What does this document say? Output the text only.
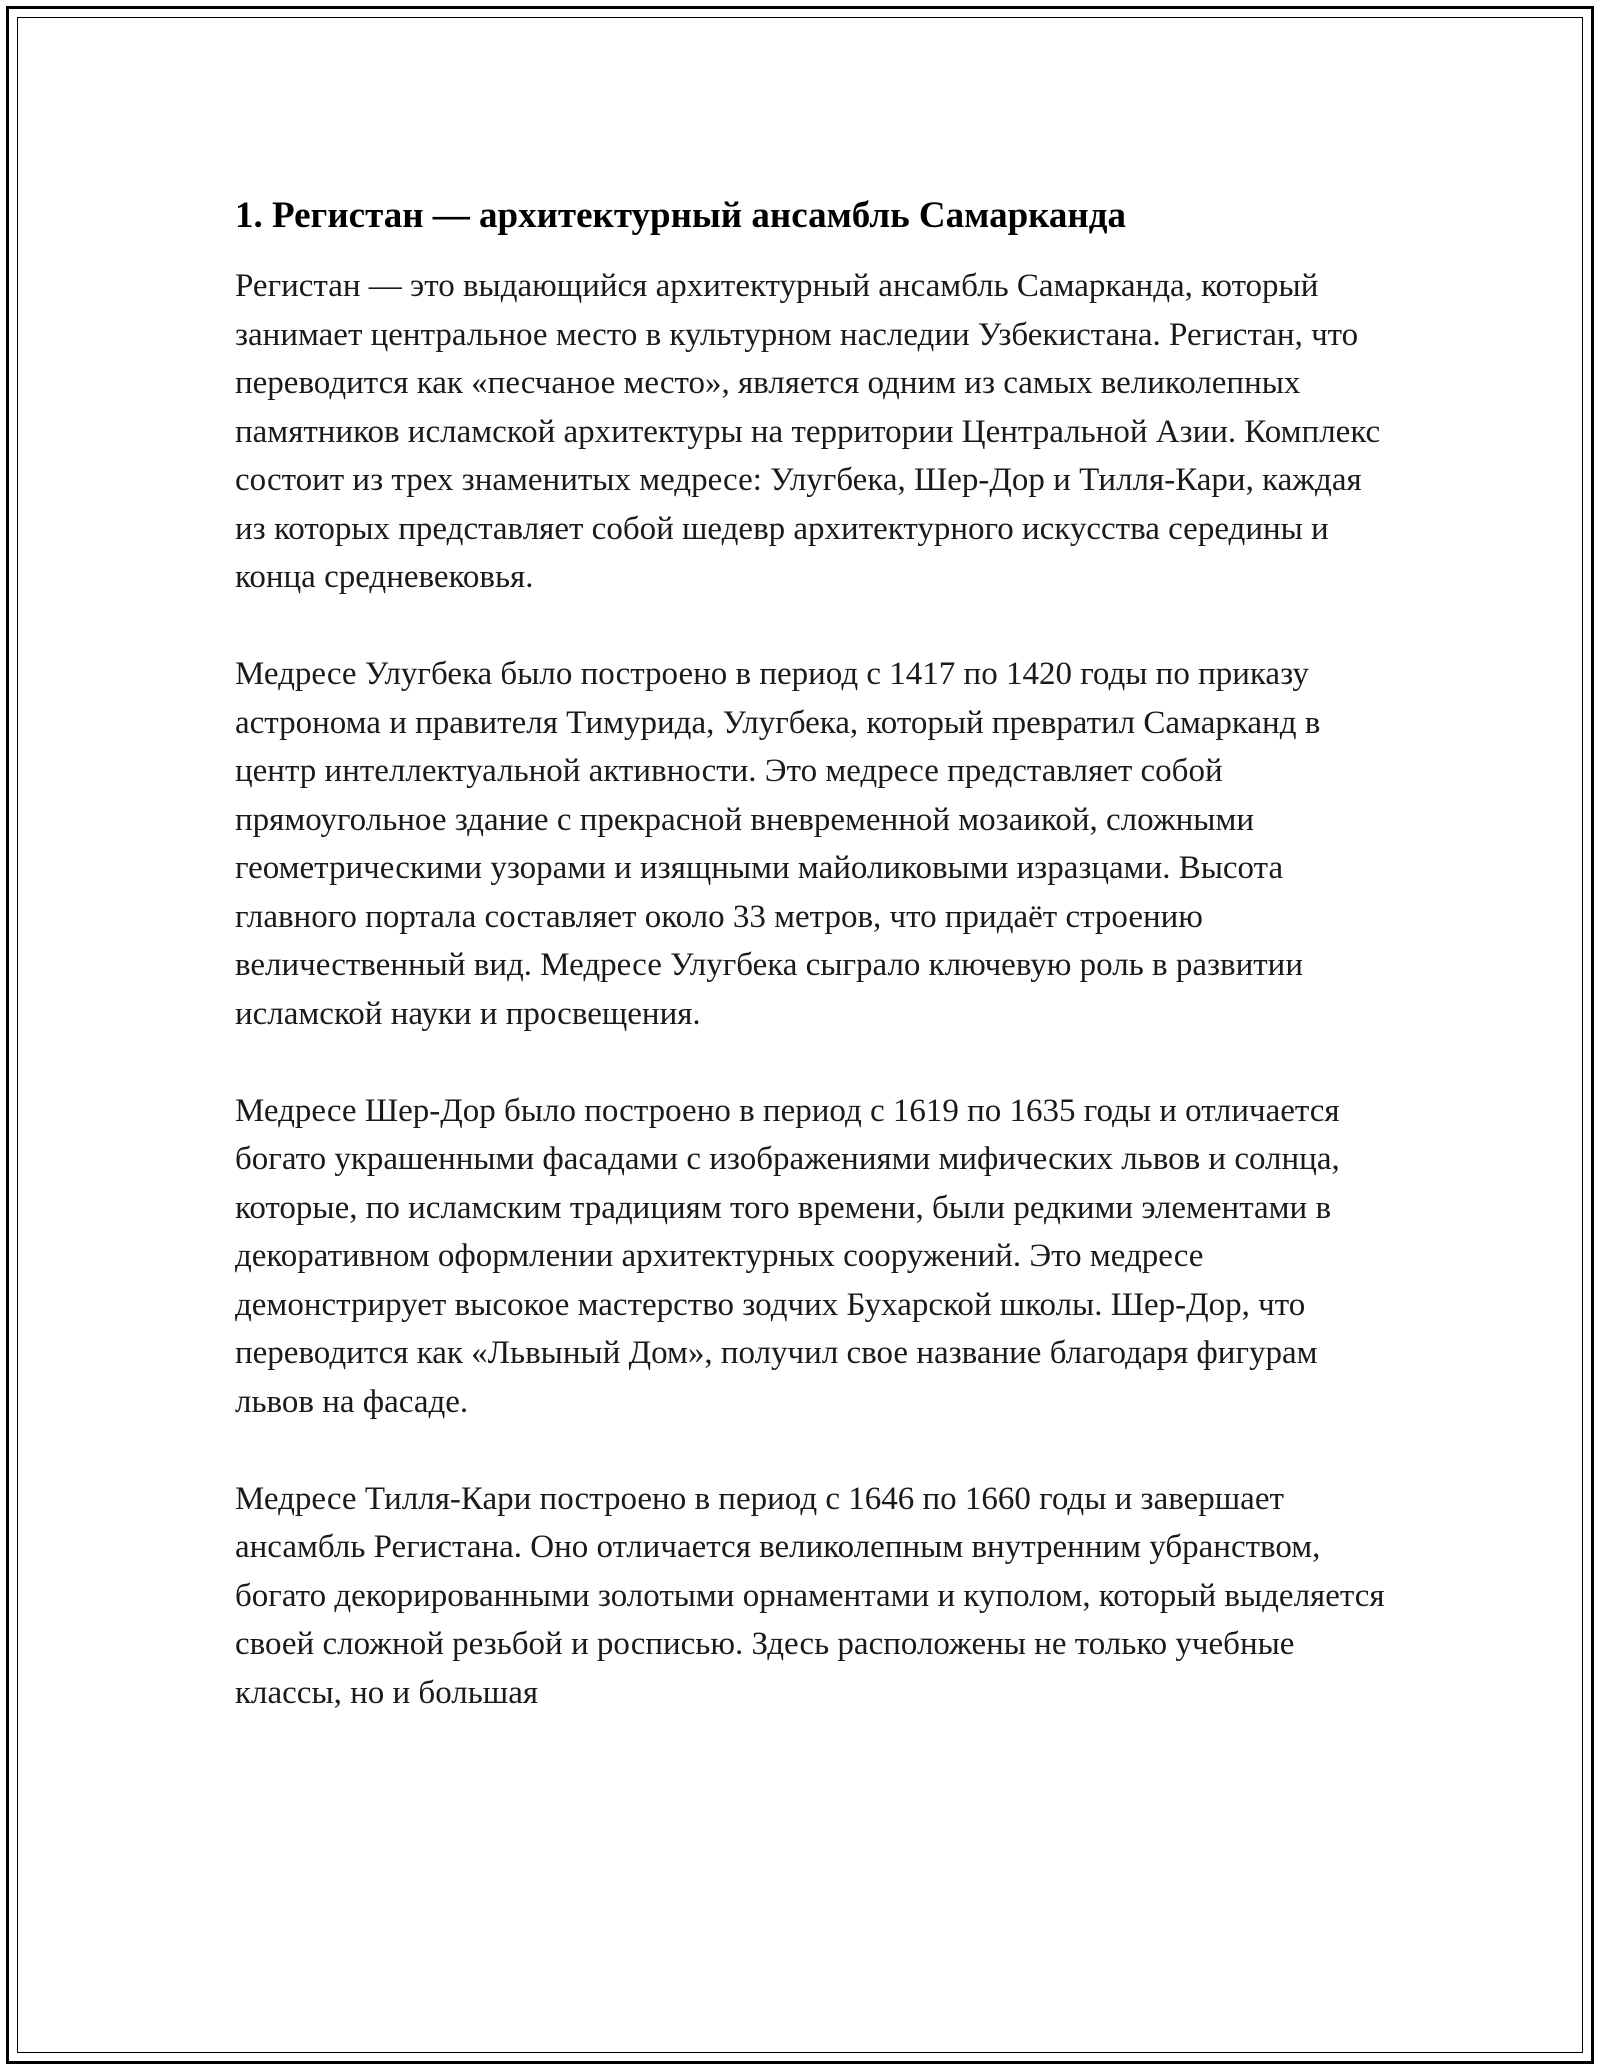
1. Регистан — архитектурный ансамбль Самарканда
Регистан — это выдающийся архитектурный ансамбль Самарканда, который занимает центральное место в культурном наследии Узбекистана. Регистан, что переводится как «песчаное место», является одним из самых великолепных памятников исламской архитектуры на территории Центральной Азии. Комплекс состоит из трех знаменитых медресе: Улугбека, Шер-Дор и Тилля-Кари, каждая из которых представляет собой шедевр архитектурного искусства середины и конца средневековья.
Медресе Улугбека было построено в период с 1417 по 1420 годы по приказу астронома и правителя Тимурида, Улугбека, который превратил Самарканд в центр интеллектуальной активности. Это медресе представляет собой прямоугольное здание с прекрасной вневременной мозаикой, сложными геометрическими узорами и изящными майоликовыми изразцами. Высота главного портала составляет около 33 метров, что придаёт строению величественный вид. Медресе Улугбека сыграло ключевую роль в развитии исламской науки и просвещения.
Медресе Шер-Дор было построено в период с 1619 по 1635 годы и отличается богато украшенными фасадами с изображениями мифических львов и солнца, которые, по исламским традициям того времени, были редкими элементами в декоративном оформлении архитектурных сооружений. Это медресе демонстрирует высокое мастерство зодчих Бухарской школы. Шер-Дор, что переводится как «Львыный Дом», получил свое название благодаря фигурам львов на фасаде.
Медресе Тилля-Кари построено в период с 1646 по 1660 годы и завершает ансамбль Регистана. Оно отличается великолепным внутренним убранством, богато декорированными золотыми орнаментами и куполом, который выделяется своей сложной резьбой и росписью. Здесь расположены не только учебные классы, но и большая
